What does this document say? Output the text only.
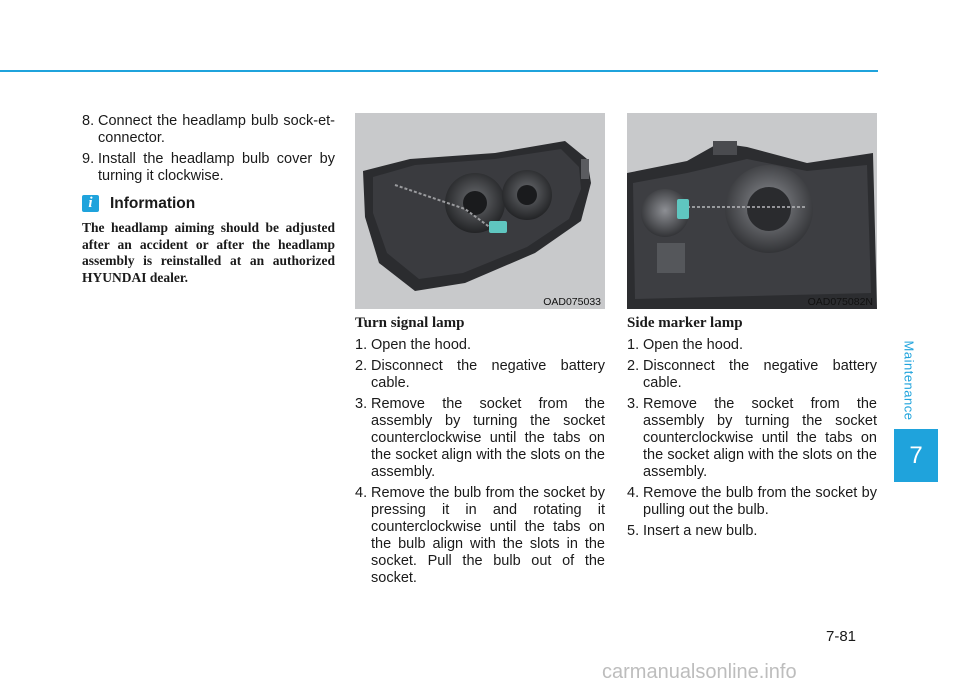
Maintenance
7
8. Connect the headlamp bulb sock-et-connector.
9. Install the headlamp bulb cover by turning it clockwise.
i	Information

The headlamp aiming should be adjusted after an accident or after the headlamp assembly is reinstalled at an authorized HYUNDAI dealer.

OAD075033	OAD075082N
Turn signal lamp
1. Open the hood.
2. Disconnect the negative battery cable.
3. Remove the socket from the assembly by turning the socket counterclockwise until the tabs on the socket align with the slots on the assembly.
4. Remove the bulb from the socket by pressing it in and rotating it counterclockwise until the tabs on the bulb align with the slots in the socket. Pull the bulb out of the socket.
Side marker lamp
1. Open the hood.
2. Disconnect the negative battery cable.
3. Remove the socket from the assembly by turning the socket counterclockwise until the tabs on the socket align with the slots on the assembly.
4. Remove the bulb from the socket by pulling out the bulb.
5. Insert a new bulb.
7-81
carmanualsonline.info
